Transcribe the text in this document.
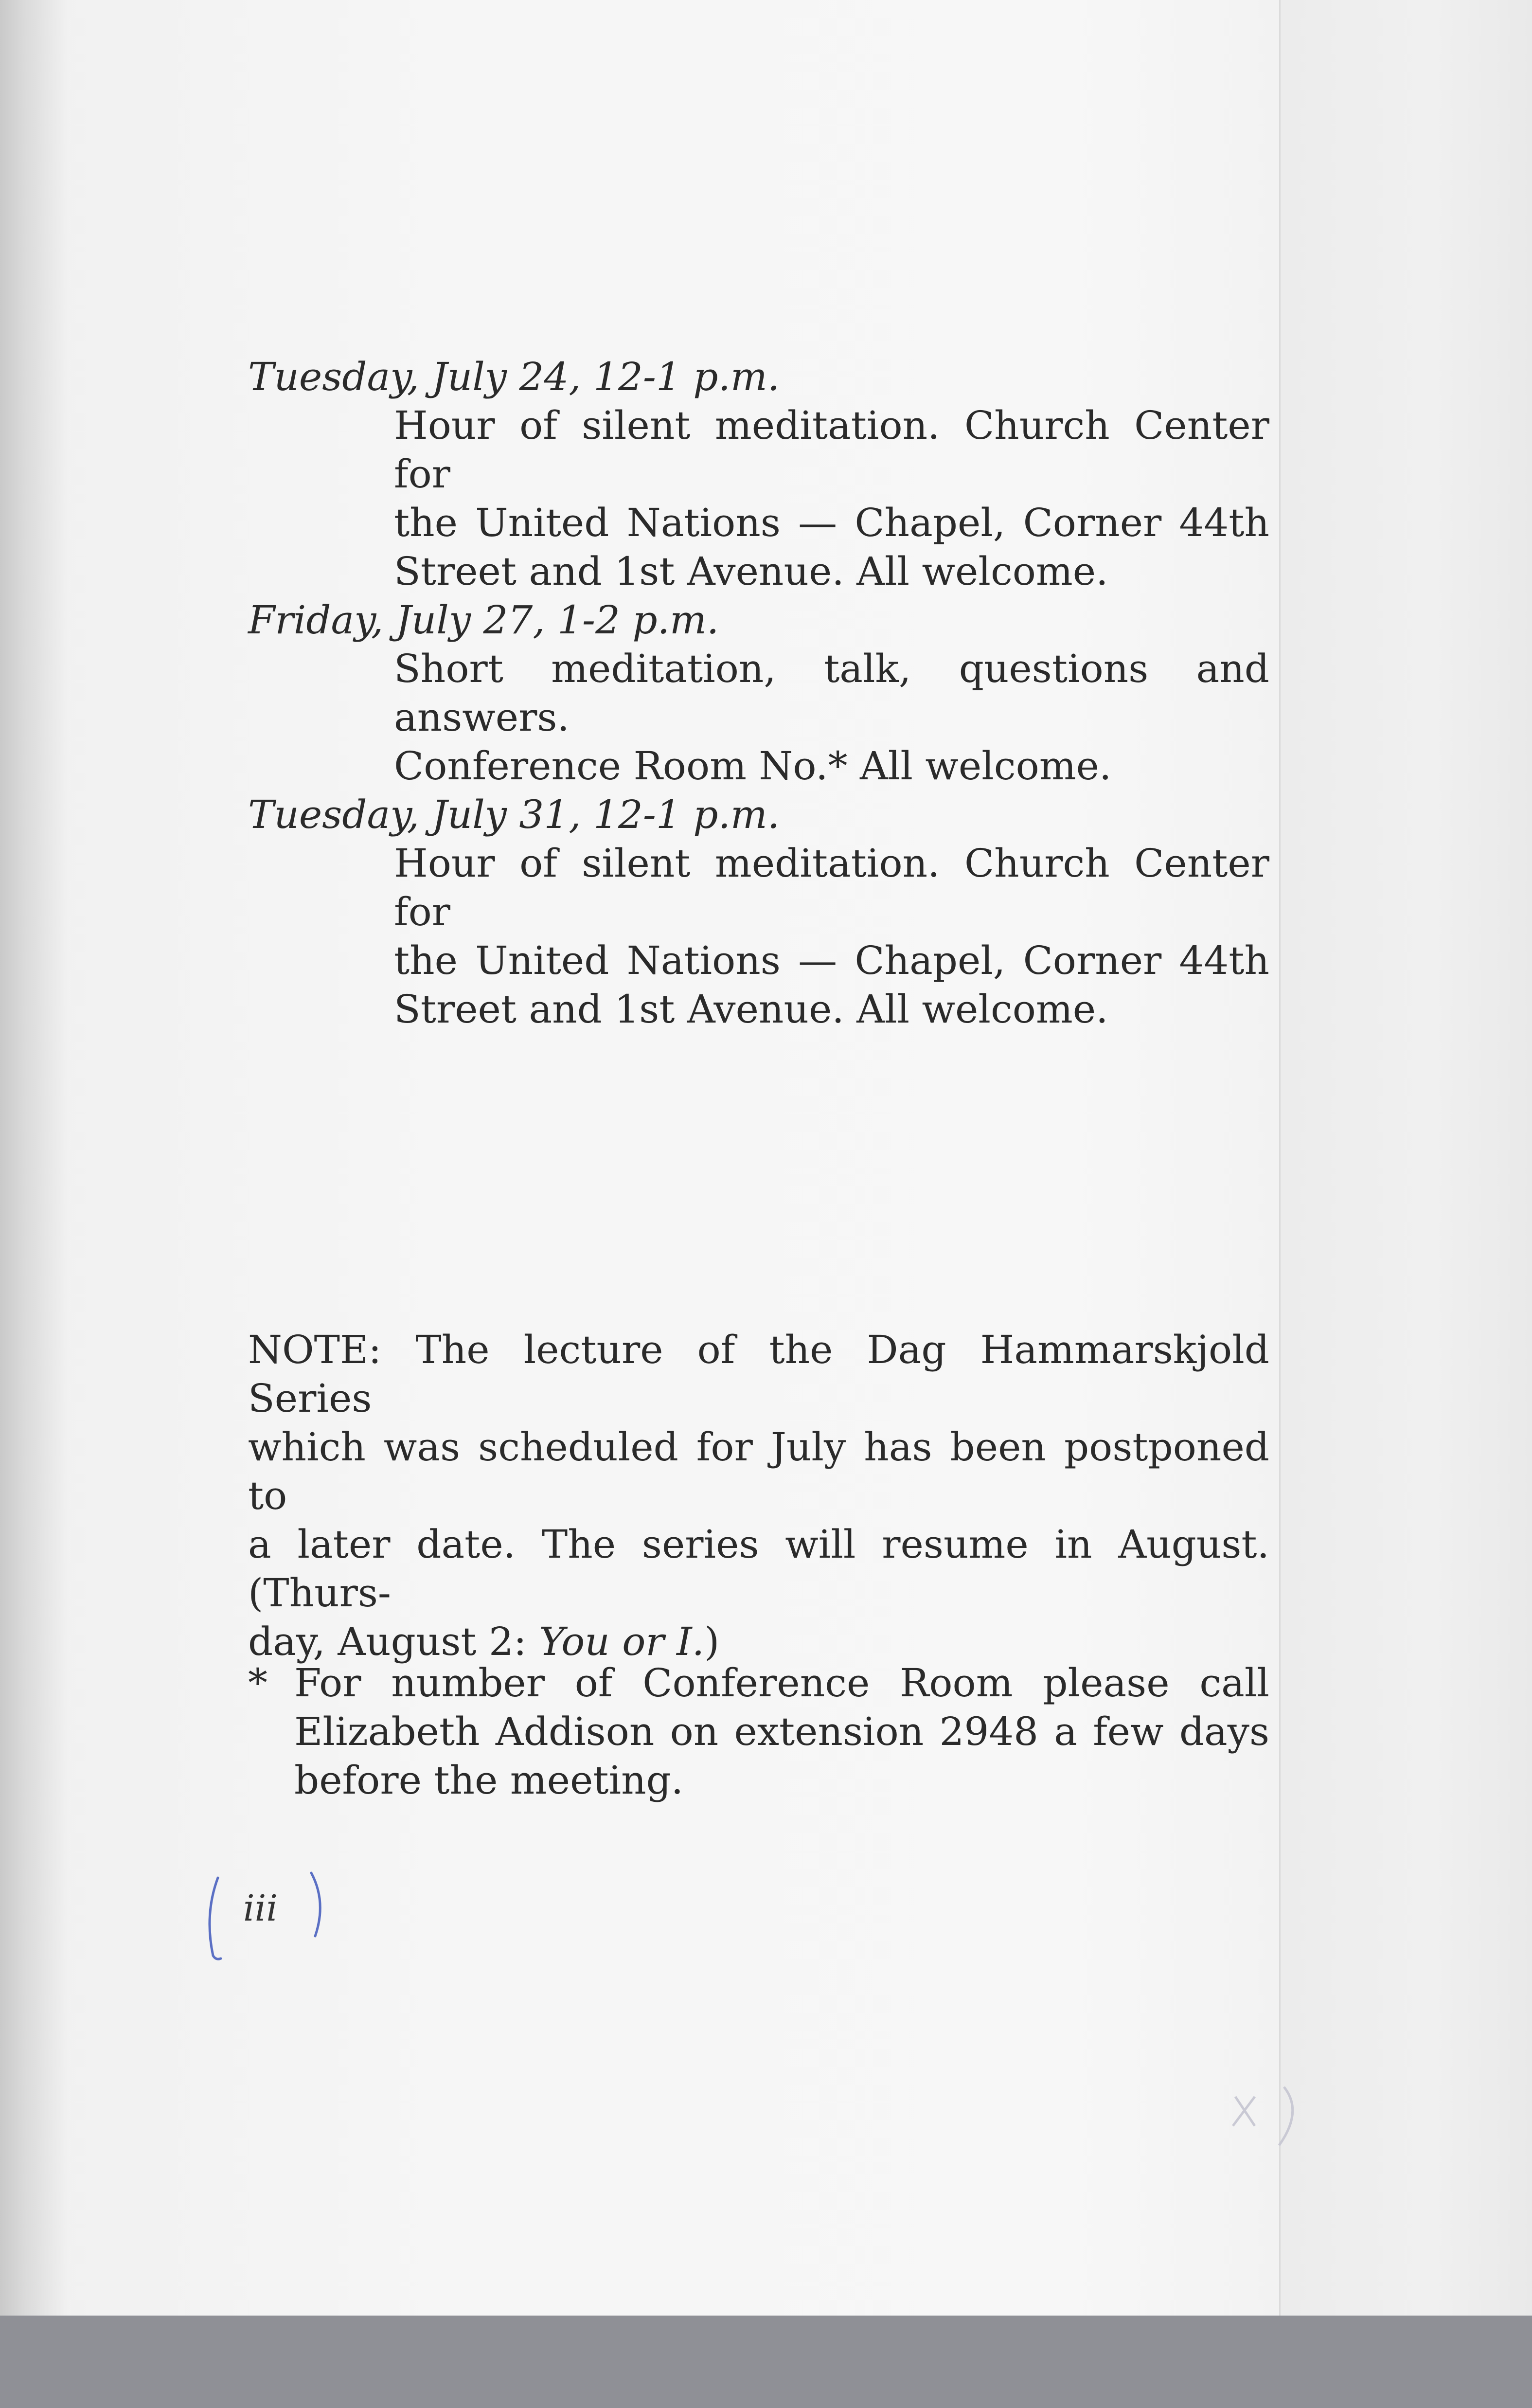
Tuesday, July 24, 12-1 p.m.
Hour of silent meditation. Church Center for
the United Nations — Chapel, Corner 44th
Street and 1st Avenue. All welcome.
Friday, July 27, 1-2 p.m.
Short meditation, talk, questions and answers.
Conference Room No.* All welcome.
Tuesday, July 31, 12-1 p.m.
Hour of silent meditation. Church Center for
the United Nations — Chapel, Corner 44th
Street and 1st Avenue. All welcome.
NOTE: The lecture of the Dag Hammarskjold Series
which was scheduled for July has been postponed to
a later date. The series will resume in August. (Thurs-
day, August 2: You or I.)
* For number of Conference Room please call
Elizabeth Addison on extension 2948 a few days
before the meeting.
iii
